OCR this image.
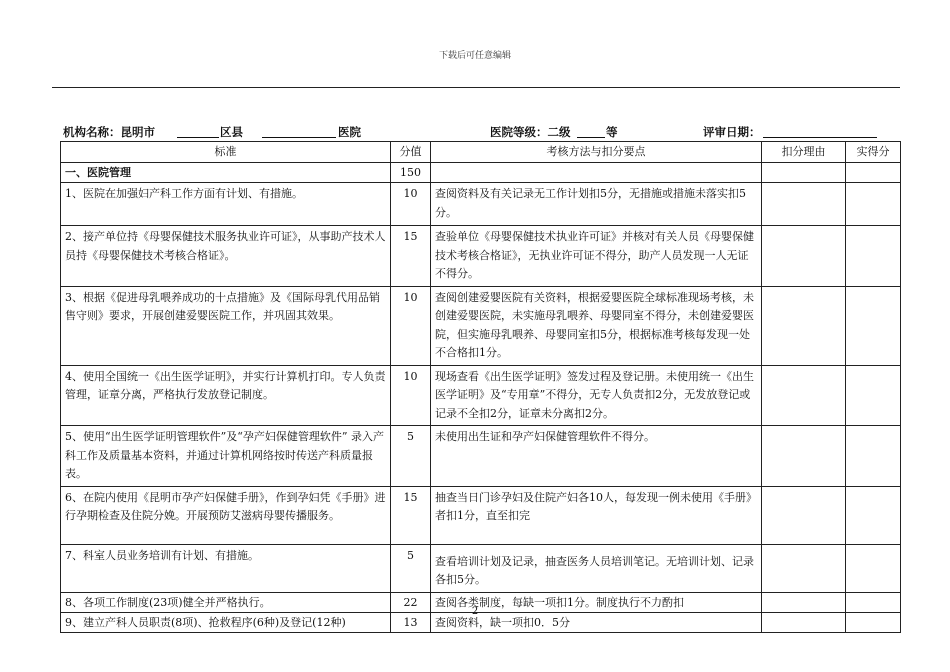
下载后可任意编辑
机构名称：昆明市	区县	医院	医院等级：二级	等	评审日期：
标准	分值	考核方法与扣分要点	扣分理由	实得分
一、医院管理	150			
1、医院在加强妇产科工作方面有计划、有措施。	10	查阅资料及有关记录无工作计划扣5分，无措施或措施未落实扣5分。		
2、接产单位持《母婴保健技术服务执业许可证》，从事助产技术人员持《母婴保健技术考核合格证》。	15	查验单位《母婴保健技术执业许可证》并核对有关人员《母婴保健技术考核合格证》，无执业许可证不得分，助产人员发现一人无证不得分。		
3、根据《促进母乳喂养成功的十点措施》及《国际母乳代用品销售守则》要求，开展创建爱婴医院工作，并巩固其效果。	10	查阅创建爱婴医院有关资料，根据爱婴医院全球标准现场考核，未创建爱婴医院，未实施母乳喂养、母婴同室不得分，未创建爱婴医院，但实施母乳喂养、母婴同室扣5分，根据标准考核每发现一处不合格扣1分。		
4、使用全国统一《出生医学证明》，并实行计算机打印。专人负责管理，证章分离，严格执行发放登记制度。	10	现场查看《出生医学证明》签发过程及登记册。未使用统一《出生医学证明》及“专用章”不得分，无专人负责扣2分，无发放登记或记录不全扣2分，证章未分离扣2分。		
5、使用“出生医学证明管理软件”及“孕产妇保健管理软件” 录入产科工作及质量基本资料，并通过计算机网络按时传送产科质量报表。	5	未使用出生证和孕产妇保健管理软件不得分。		
6、在院内使用《昆明市孕产妇保健手册》，作到孕妇凭《手册》进行孕期检查及住院分娩。开展预防艾滋病母婴传播服务。	15	抽查当日门诊孕妇及住院产妇各10人，每发现一例未使用《手册》者扣1分，直至扣完		
7、科室人员业务培训有计划、有措施。	5	查看培训计划及记录，抽查医务人员培训笔记。无培训计划、记录各扣5分。		
8、各项工作制度(23项)健全并严格执行。	22	查阅各类制度，每缺一项扣1分。制度执行不力酌扣		
9、建立产科人员职责(8项)、抢救程序(6种)及登记(12种)	13	查阅资料，缺一项扣0．5分		
2
